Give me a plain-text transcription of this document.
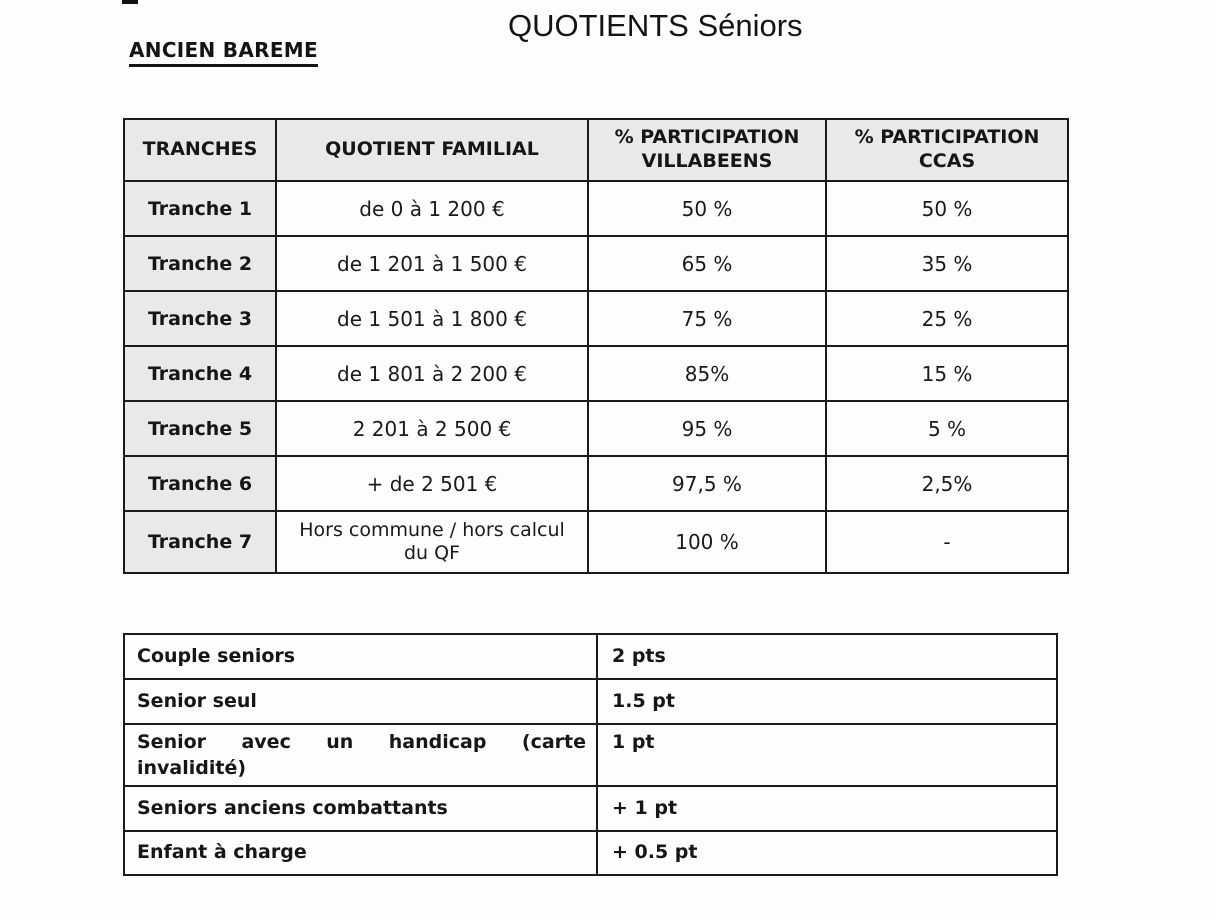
QUOTIENTS Séniors
ANCIEN BAREME
TRANCHES	QUOTIENT FAMILIAL	% PARTICIPATION VILLABEENS	% PARTICIPATION CCAS
Tranche 1	de 0 à 1 200 €	50 %	50 %
Tranche 2	de 1 201 à 1 500 €	65 %	35 %
Tranche 3	de 1 501 à 1 800 €	75 %	25 %
Tranche 4	de 1 801 à 2 200 €	85%	15 %
Tranche 5	2 201 à 2 500 €	95 %	5 %
Tranche 6	+ de 2 501 €	97,5 %	2,5%
Tranche 7	Hors commune / hors calcul du QF	100 %	-
Couple seniors	2 pts
Senior seul	1.5 pt
Senior avec un handicap (carte invalidité)	1 pt
Seniors anciens combattants	+ 1 pt
Enfant à charge	+ 0.5 pt
